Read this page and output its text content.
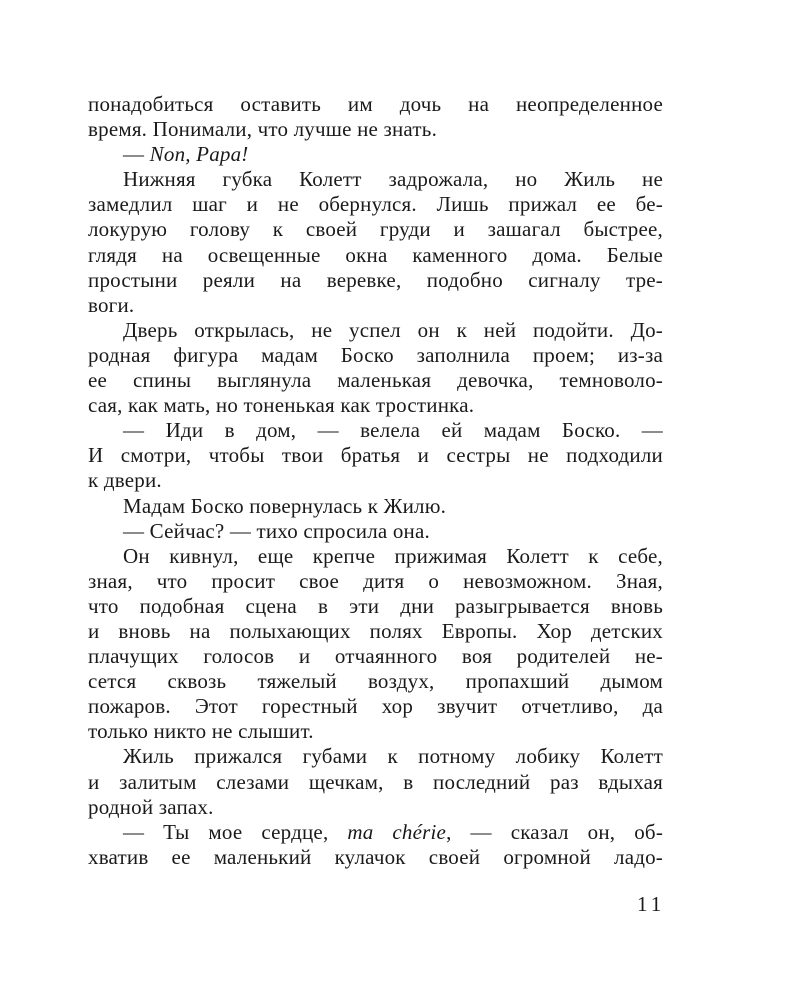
понадобиться оставить им дочь на неопределенное
время. Понимали, что лучше не знать.
— Non, Papa!
Нижняя губка Колетт задрожала, но Жиль не
замедлил шаг и не обернулся. Лишь прижал ее бе-
локурую голову к своей груди и зашагал быстрее,
глядя на освещенные окна каменного дома. Белые
простыни реяли на веревке, подобно сигналу тре-
воги.
Дверь открылась, не успел он к ней подойти. До-
родная фигура мадам Боско заполнила проем; из-за
ее спины выглянула маленькая девочка, темноволо-
сая, как мать, но тоненькая как тростинка.
— Иди в дом, — велела ей мадам Боско. —
И смотри, чтобы твои братья и сестры не подходили
к двери.
Мадам Боско повернулась к Жилю.
— Сейчас? — тихо спросила она.
Он кивнул, еще крепче прижимая Колетт к себе,
зная, что просит свое дитя о невозможном. Зная,
что подобная сцена в эти дни разыгрывается вновь
и вновь на полыхающих полях Европы. Хор детских
плачущих голосов и отчаянного воя родителей не-
сется сквозь тяжелый воздух, пропахший дымом
пожаров. Этот горестный хор звучит отчетливо, да
только никто не слышит.
Жиль прижался губами к потному лобику Колетт
и залитым слезами щечкам, в последний раз вдыхая
родной запах.
— Ты мое сердце, ma chérie, — сказал он, об-
хватив ее маленький кулачок своей огромной ладо-
11
